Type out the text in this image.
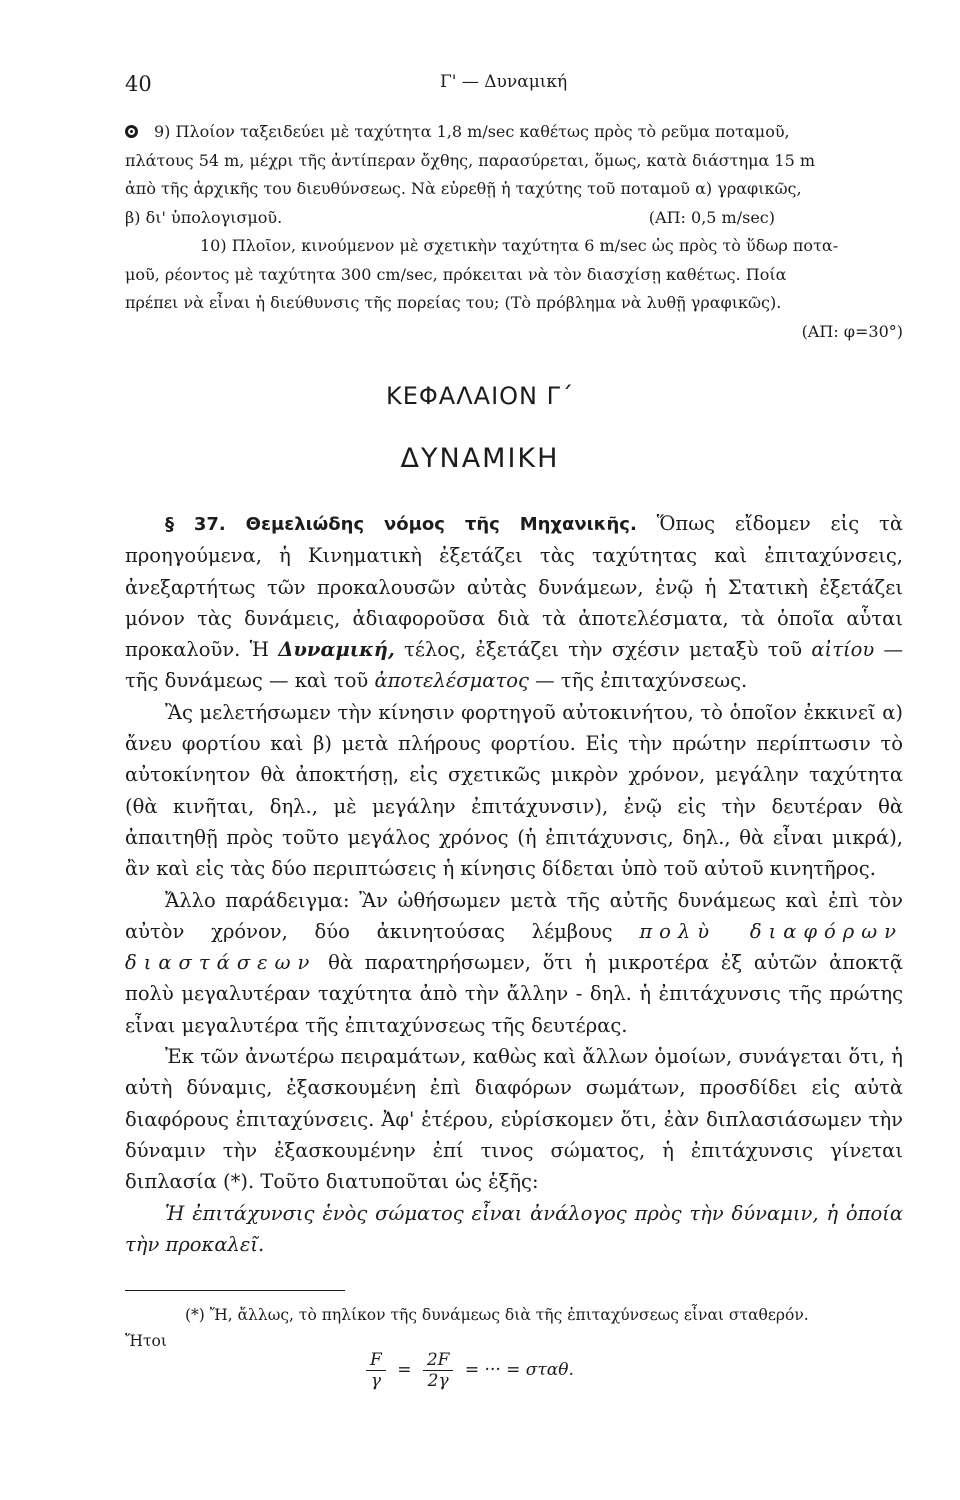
40	Γ' — Δυναμική

9) Πλοίον ταξειδεύει μὲ ταχύτητα 1,8 m/sec καθέτως πρὸς τὸ ρεῦμα ποταμοῦ,

πλάτους 54 m, μέχρι τῆς ἀντίπεραν ὄχθης, παρασύρεται, ὅμως, κατὰ διάστημα 15 m

ἀπὸ τῆς ἀρχικῆς του διευθύνσεως. Νὰ εὑρεθῇ ἡ ταχύτης τοῦ ποταμοῦ α) γραφικῶς,

β) δι' ὑπολογισμοῦ.	(ΑΠ: 0,5 m/sec)

10) Πλοῖον, κινούμενον μὲ σχετικὴν ταχύτητα 6 m/sec ὡς πρὸς τὸ ὕδωρ ποτα-

μοῦ, ρέοντος μὲ ταχύτητα 300 cm/sec, πρόκειται νὰ τὸν διασχίσῃ καθέτως. Ποία

πρέπει νὰ εἶναι ἡ διεύθυνσις τῆς πορείας του; (Τὸ πρόβλημα νὰ λυθῇ γραφικῶς).

(ΑΠ: φ=30°)

ΚΕΦΑΛΑΙΟΝ Γ΄
ΔΥΝΑΜΙΚΗ

§ 37. Θεμελιώδης νόμος τῆς Μηχανικῆς. Ὅπως εἴδομεν εἰς τὰ προηγούμενα, ἡ Κινηματικὴ ἐξετάζει τὰς ταχύτητας καὶ ἐπιταχύνσεις, ἀνεξαρτήτως τῶν προκαλουσῶν αὐτὰς δυνάμεων, ἐνῷ ἡ Στατικὴ ἐξετάζει μόνον τὰς δυνάμεις, ἀδιαφοροῦσα διὰ τὰ ἀποτελέσματα, τὰ ὁποῖα αὗται προκαλοῦν. Ἡ Δυναμική, τέλος, ἐξετάζει τὴν σχέσιν μεταξὺ τοῦ αἰτίου — τῆς δυνάμεως — καὶ τοῦ ἀποτελέσματος — τῆς ἐπιταχύνσεως.

Ἂς μελετήσωμεν τὴν κίνησιν φορτηγοῦ αὐτοκινήτου, τὸ ὁποῖον ἐκκινεῖ α) ἄνευ φορτίου καὶ β) μετὰ πλήρους φορτίου. Εἰς τὴν πρώτην περίπτωσιν τὸ αὐτοκίνητον θὰ ἀποκτήσῃ, εἰς σχετικῶς μικρὸν χρόνον, μεγάλην ταχύτητα (θὰ κινῆται, δηλ., μὲ μεγάλην ἐπιτάχυνσιν), ἐνῷ εἰς τὴν δευτέραν θὰ ἀπαιτηθῇ πρὸς τοῦτο μεγάλος χρόνος (ἡ ἐπιτάχυνσις, δηλ., θὰ εἶναι μικρά), ἂν καὶ εἰς τὰς δύο περιπτώσεις ἡ κίνησις δίδεται ὑπὸ τοῦ αὐτοῦ κινητῆρος.

Ἄλλο παράδειγμα: Ἂν ὠθήσωμεν μετὰ τῆς αὐτῆς δυνάμεως καὶ ἐπὶ τὸν αὐτὸν χρόνον, δύο ἀκινητούσας λέμβους πολὺ διαφόρων διαστάσεων θὰ παρατηρήσωμεν, ὅτι ἡ μικροτέρα ἐξ αὐτῶν ἀποκτᾷ πολὺ μεγαλυτέραν ταχύτητα ἀπὸ τὴν ἄλλην - δηλ. ἡ ἐπιτάχυνσις τῆς πρώτης εἶναι μεγαλυτέρα τῆς ἐπιταχύνσεως τῆς δευτέρας.

Ἐκ τῶν ἀνωτέρω πειραμάτων, καθὼς καὶ ἄλλων ὁμοίων, συνάγεται ὅτι, ἡ αὐτὴ δύναμις, ἐξασκουμένη ἐπὶ διαφόρων σωμάτων, προσδίδει εἰς αὐτὰ διαφόρους ἐπιταχύνσεις. Ἀφ' ἑτέρου, εὑρίσκομεν ὅτι, ἐὰν διπλασιάσωμεν τὴν δύναμιν τὴν ἐξασκουμένην ἐπί τινος σώματος, ἡ ἐπιτάχυνσις γίνεται διπλασία (*). Τοῦτο διατυποῦται ὡς ἑξῆς:

Ἡ ἐπιτάχυνσις ἑνὸς σώματος εἶναι ἀνάλογος πρὸς τὴν δύναμιν, ἡ ὁποία τὴν προκαλεῖ.

(*) Ἤ, ἄλλως, τὸ πηλίκον τῆς δυνάμεως διὰ τῆς ἐπιταχύνσεως εἶναι σταθερόν.

Ἤτοι

$\frac{F}{\gamma} = \frac{2F}{2\gamma}$ = ··· = σταθ.
